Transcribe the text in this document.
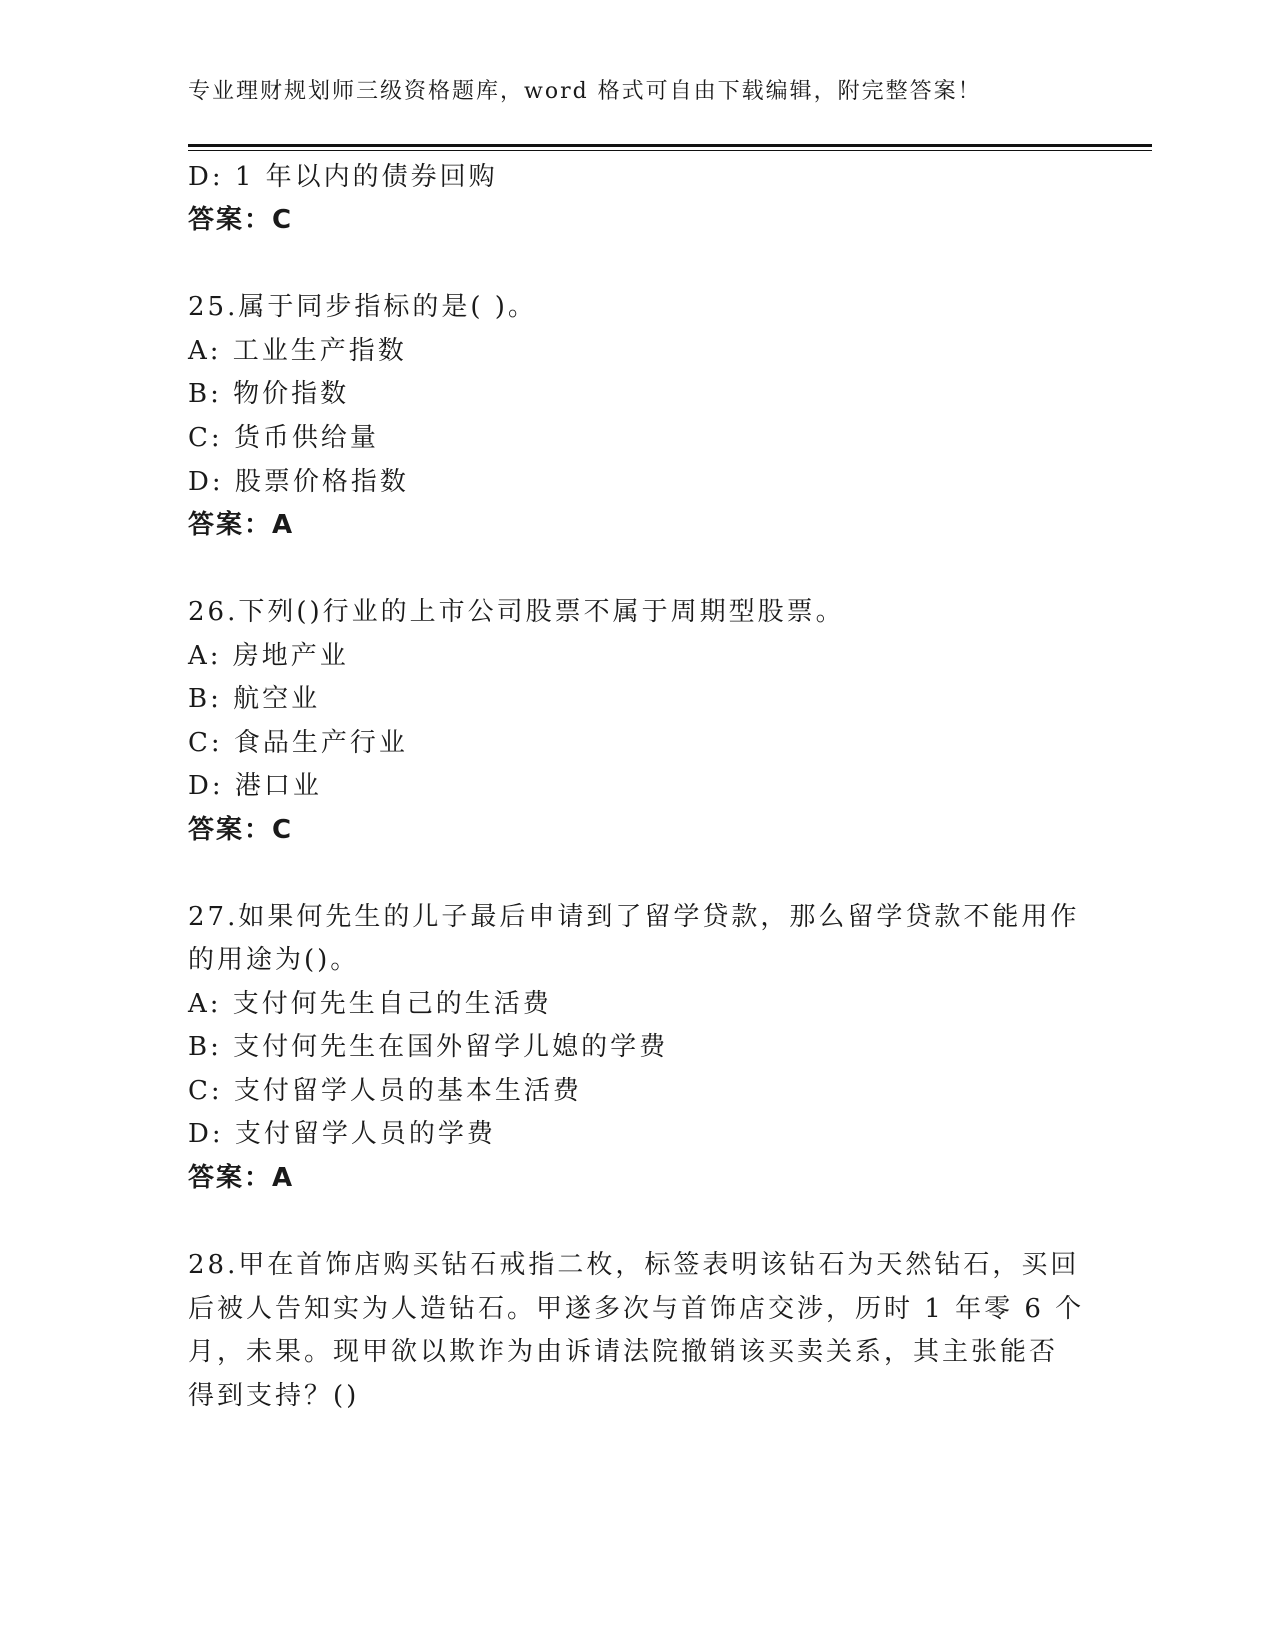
专业理财规划师三级资格题库，word 格式可自由下载编辑，附完整答案！
D: 1 年以内的债券回购
答案：C
25.属于同步指标的是( )。
A: 工业生产指数
B: 物价指数
C: 货币供给量
D: 股票价格指数
答案：A
26.下列()行业的上市公司股票不属于周期型股票。
A: 房地产业
B: 航空业
C: 食品生产行业
D: 港口业
答案：C
27.如果何先生的儿子最后申请到了留学贷款，那么留学贷款不能用作
的用途为()。
A: 支付何先生自己的生活费
B: 支付何先生在国外留学儿媳的学费
C: 支付留学人员的基本生活费
D: 支付留学人员的学费
答案：A
28.甲在首饰店购买钻石戒指二枚，标签表明该钻石为天然钻石，买回
后被人告知实为人造钻石。甲遂多次与首饰店交涉，历时 1 年零 6 个
月，未果。现甲欲以欺诈为由诉请法院撤销该买卖关系，其主张能否
得到支持？()
